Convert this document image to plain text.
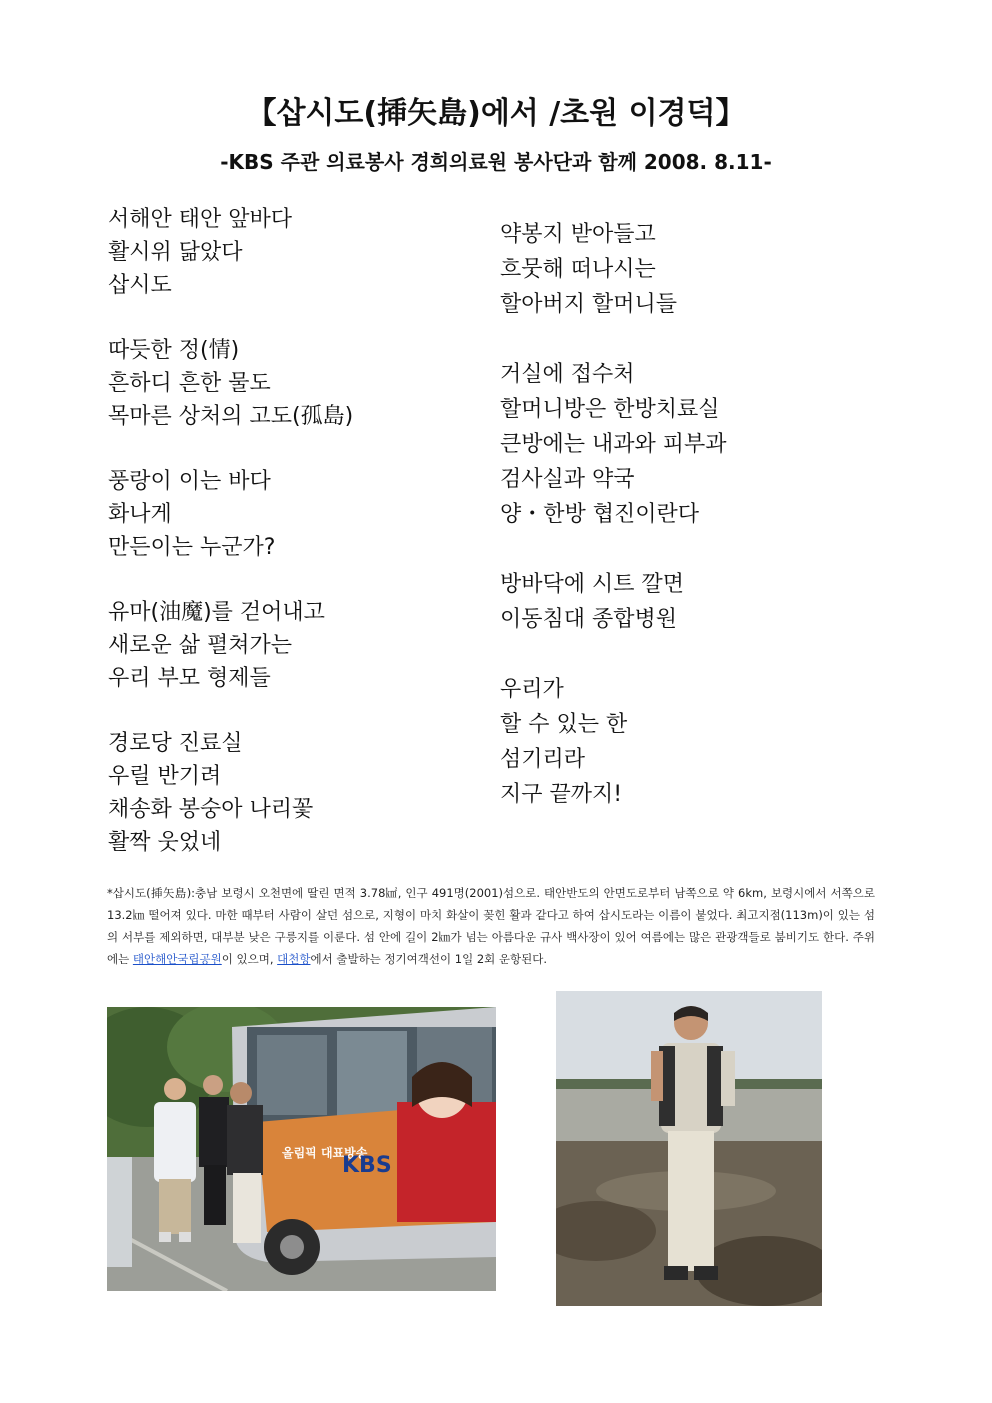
【삽시도(揷矢島)에서 /초원 이경덕】
-KBS 주관 의료봉사 경희의료원 봉사단과 함께 2008. 8.11-
서해안 태안 앞바다
활시위 닮았다
삽시도
따듯한 정(情)
흔하디 흔한 물도
목마른 상처의 고도(孤島)
풍랑이 이는 바다
화나게
만든이는 누군가?
유마(油魔)를 걷어내고
새로운 삶 펼쳐가는
우리 부모 형제들
경로당 진료실
우릴 반기려
채송화 봉숭아 나리꽃
활짝 웃었네
약봉지 받아들고
흐뭇해 떠나시는
할아버지 할머니들
거실에 접수처
할머니방은 한방치료실
큰방에는 내과와 피부과
검사실과 약국
양・한방 협진이란다
방바닥에 시트 깔면
이동침대 종합병원
우리가
할 수 있는 한
섬기리라
지구 끝까지!
*삽시도(揷矢島):충남 보령시 오천면에 딸린 면적 3.78㎢, 인구 491명(2001)섬으로. 태안반도의 안면도로부터 남쪽으로 약 6km, 보령시에서 서쪽으로 13.2㎞ 떨어져 있다. 마한 때부터 사람이 살던 섬으로, 지형이 마치 화살이 꽂힌 활과 같다고 하여 삽시도라는 이름이 붙었다. 최고지점(113m)이 있는 섬의 서부를 제외하면, 대부분 낮은 구릉지를 이룬다. 섬 안에 길이 2㎞가 넘는 아름다운 규사 백사장이 있어 여름에는 많은 관광객들로 붐비기도 한다. 주위에는 태안해안국립공원이 있으며, 대천항에서 출발하는 정기여객선이 1일 2회 운항된다.
올림픽 대표방송
KBS
